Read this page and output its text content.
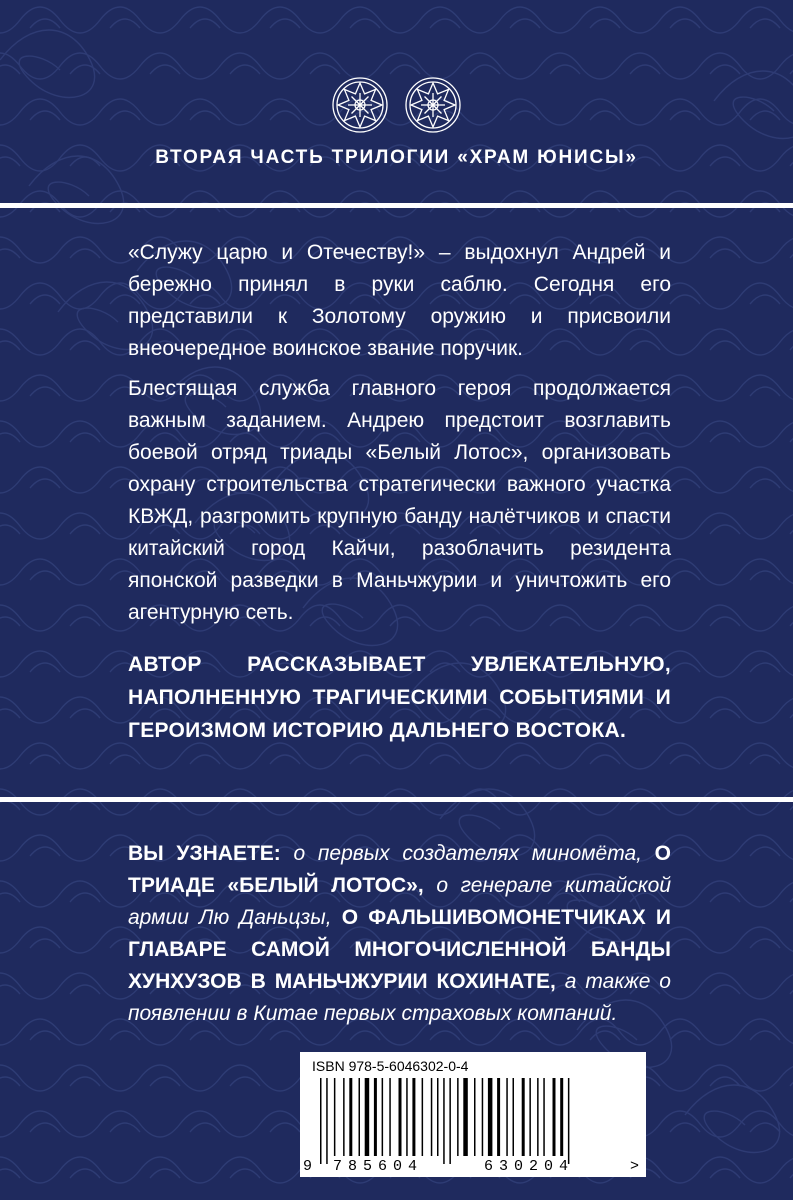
ВТОРАЯ ЧАСТЬ ТРИЛОГИИ «ХРАМ ЮНИСЫ»
«Служу царю и Отечеству!» – выдохнул Андрей и бережно принял в руки саблю. Сегодня его представили к Золотому оружию и присвоили внеочередное воинское звание поручик.
Блестящая служба главного героя продолжается важным заданием. Андрею предстоит возглавить боевой отряд триады «Белый Лотос», организовать охрану строительства стратегически важного участка КВЖД, разгромить крупную банду налётчиков и спасти китайский город Кайчи, разоблачить резидента японской разведки в Маньчжурии и уничтожить его агентурную сеть.
АВТОР РАССКАЗЫВАЕТ УВЛЕКАТЕЛЬНУЮ, НАПОЛНЕННУЮ ТРАГИЧЕСКИМИ СОБЫТИЯМИ И ГЕРОИЗМОМ ИСТОРИЮ ДАЛЬНЕГО ВОСТОКА.
ВЫ УЗНАЕТЕ: о первых создателях миномёта, О ТРИАДЕ «БЕЛЫЙ ЛОТОС», о генерале китайской армии Лю Даньцзы, О ФАЛЬШИВОМОНЕТЧИКАХ И ГЛАВАРЕ САМОЙ МНОГОЧИСЛЕННОЙ БАНДЫ ХУНХУЗОВ В МАНЬЧЖУРИИ КОХИНАТЕ, а также о появлении в Китае первых страховых компаний.
ISBN 978-5-6046302-0-4
9 785604	630204	>
